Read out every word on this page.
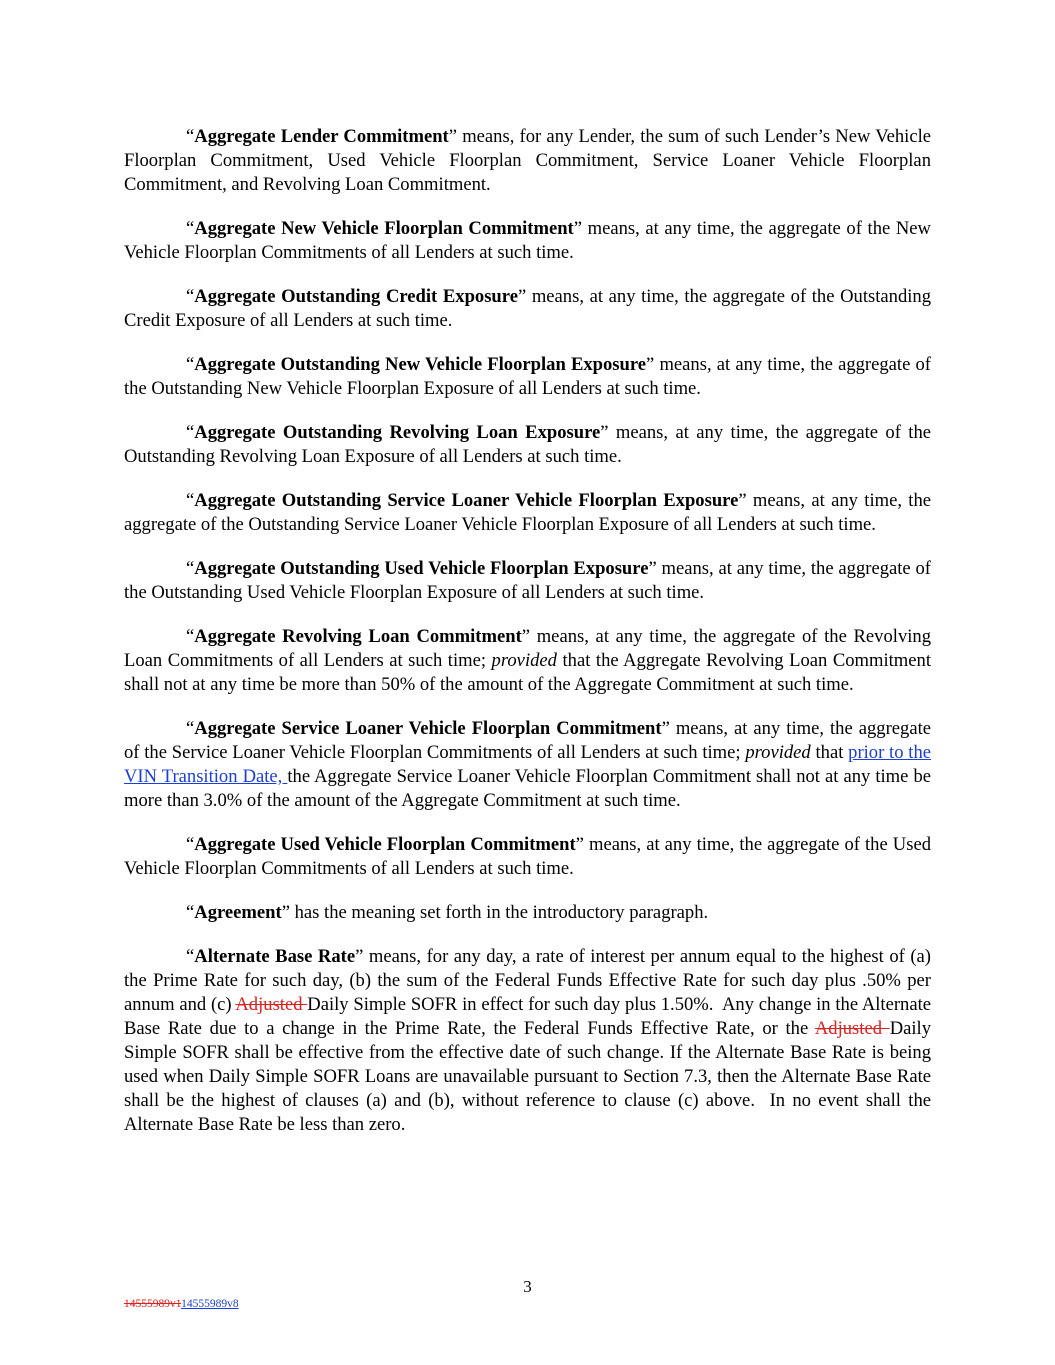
“Aggregate Lender Commitment” means, for any Lender, the sum of such Lender’s New Vehicle Floorplan Commitment, Used Vehicle Floorplan Commitment, Service Loaner Vehicle Floorplan Commitment, and Revolving Loan Commitment.

“Aggregate New Vehicle Floorplan Commitment” means, at any time, the aggregate of the New Vehicle Floorplan Commitments of all Lenders at such time.

“Aggregate Outstanding Credit Exposure” means, at any time, the aggregate of the Outstanding Credit Exposure of all Lenders at such time.

“Aggregate Outstanding New Vehicle Floorplan Exposure” means, at any time, the aggregate of the Outstanding New Vehicle Floorplan Exposure of all Lenders at such time.

“Aggregate Outstanding Revolving Loan Exposure” means, at any time, the aggregate of the Outstanding Revolving Loan Exposure of all Lenders at such time.

“Aggregate Outstanding Service Loaner Vehicle Floorplan Exposure” means, at any time, the aggregate of the Outstanding Service Loaner Vehicle Floorplan Exposure of all Lenders at such time.

“Aggregate Outstanding Used Vehicle Floorplan Exposure” means, at any time, the aggregate of the Outstanding Used Vehicle Floorplan Exposure of all Lenders at such time.

“Aggregate Revolving Loan Commitment” means, at any time, the aggregate of the Revolving Loan Commitments of all Lenders at such time; provided that the Aggregate Revolving Loan Commitment shall not at any time be more than 50% of the amount of the Aggregate Commitment at such time.

“Aggregate Service Loaner Vehicle Floorplan Commitment” means, at any time, the aggregate of the Service Loaner Vehicle Floorplan Commitments of all Lenders at such time; provided that prior to the VIN Transition Date, the Aggregate Service Loaner Vehicle Floorplan Commitment shall not at any time be more than 3.0% of the amount of the Aggregate Commitment at such time.

“Aggregate Used Vehicle Floorplan Commitment” means, at any time, the aggregate of the Used Vehicle Floorplan Commitments of all Lenders at such time.

“Agreement” has the meaning set forth in the introductory paragraph.

“Alternate Base Rate” means, for any day, a rate of interest per annum equal to the highest of (a) the Prime Rate for such day, (b) the sum of the Federal Funds Effective Rate for such day plus .50% per annum and (c) Adjusted Daily Simple SOFR in effect for such day plus 1.50%.  Any change in the Alternate Base Rate due to a change in the Prime Rate, the Federal Funds Effective Rate, or the Adjusted Daily Simple SOFR shall be effective from the effective date of such change. If the Alternate Base Rate is being used when Daily Simple SOFR Loans are unavailable pursuant to Section 7.3, then the Alternate Base Rate shall be the highest of clauses (a) and (b), without reference to clause (c) above.  In no event shall the Alternate Base Rate be less than zero.

3
14555989v114555989v8
